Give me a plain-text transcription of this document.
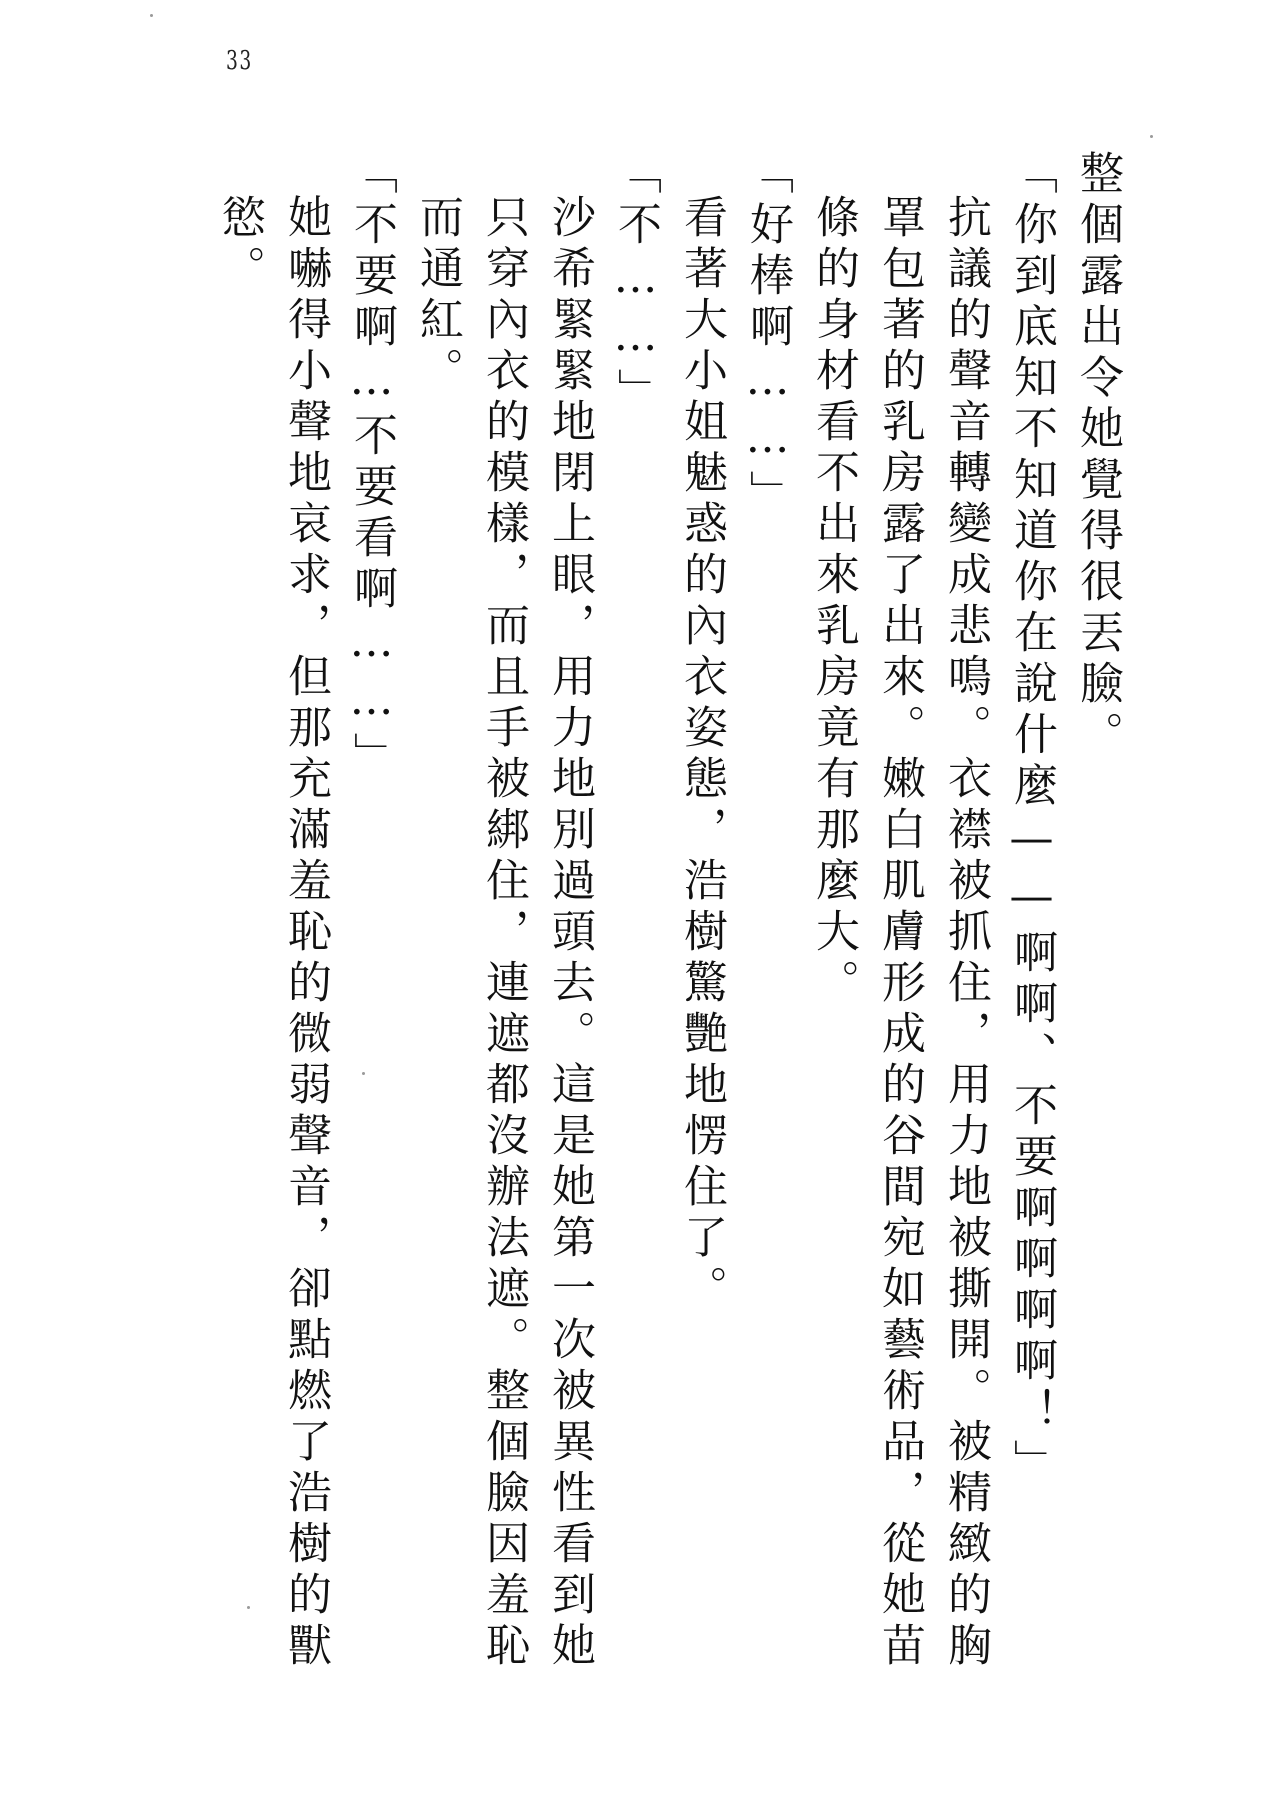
33

整個露出令她覺得很丟臉。

「你到底知不知道你在說什麼——啊啊、不要啊啊啊啊！」

抗議的聲音轉變成悲鳴。衣襟被抓住，用力地被撕開。被精緻的胸罩包著的乳房露了出來。嫩白肌膚形成的谷間宛如藝術品，從她苗條的身材看不出來乳房竟有那麼大。

「好棒啊……」

看著大小姐魅惑的內衣姿態，浩樹驚艷地愣住了。

「不……」

沙希緊緊地閉上眼，用力地別過頭去。這是她第一次被異性看到她只穿內衣的模樣，而且手被綁住，連遮都沒辦法遮。整個臉因羞恥而通紅。

「不要啊…不要看啊……」

她嚇得小聲地哀求，但那充滿羞恥的微弱聲音，卻點燃了浩樹的獸慾。
